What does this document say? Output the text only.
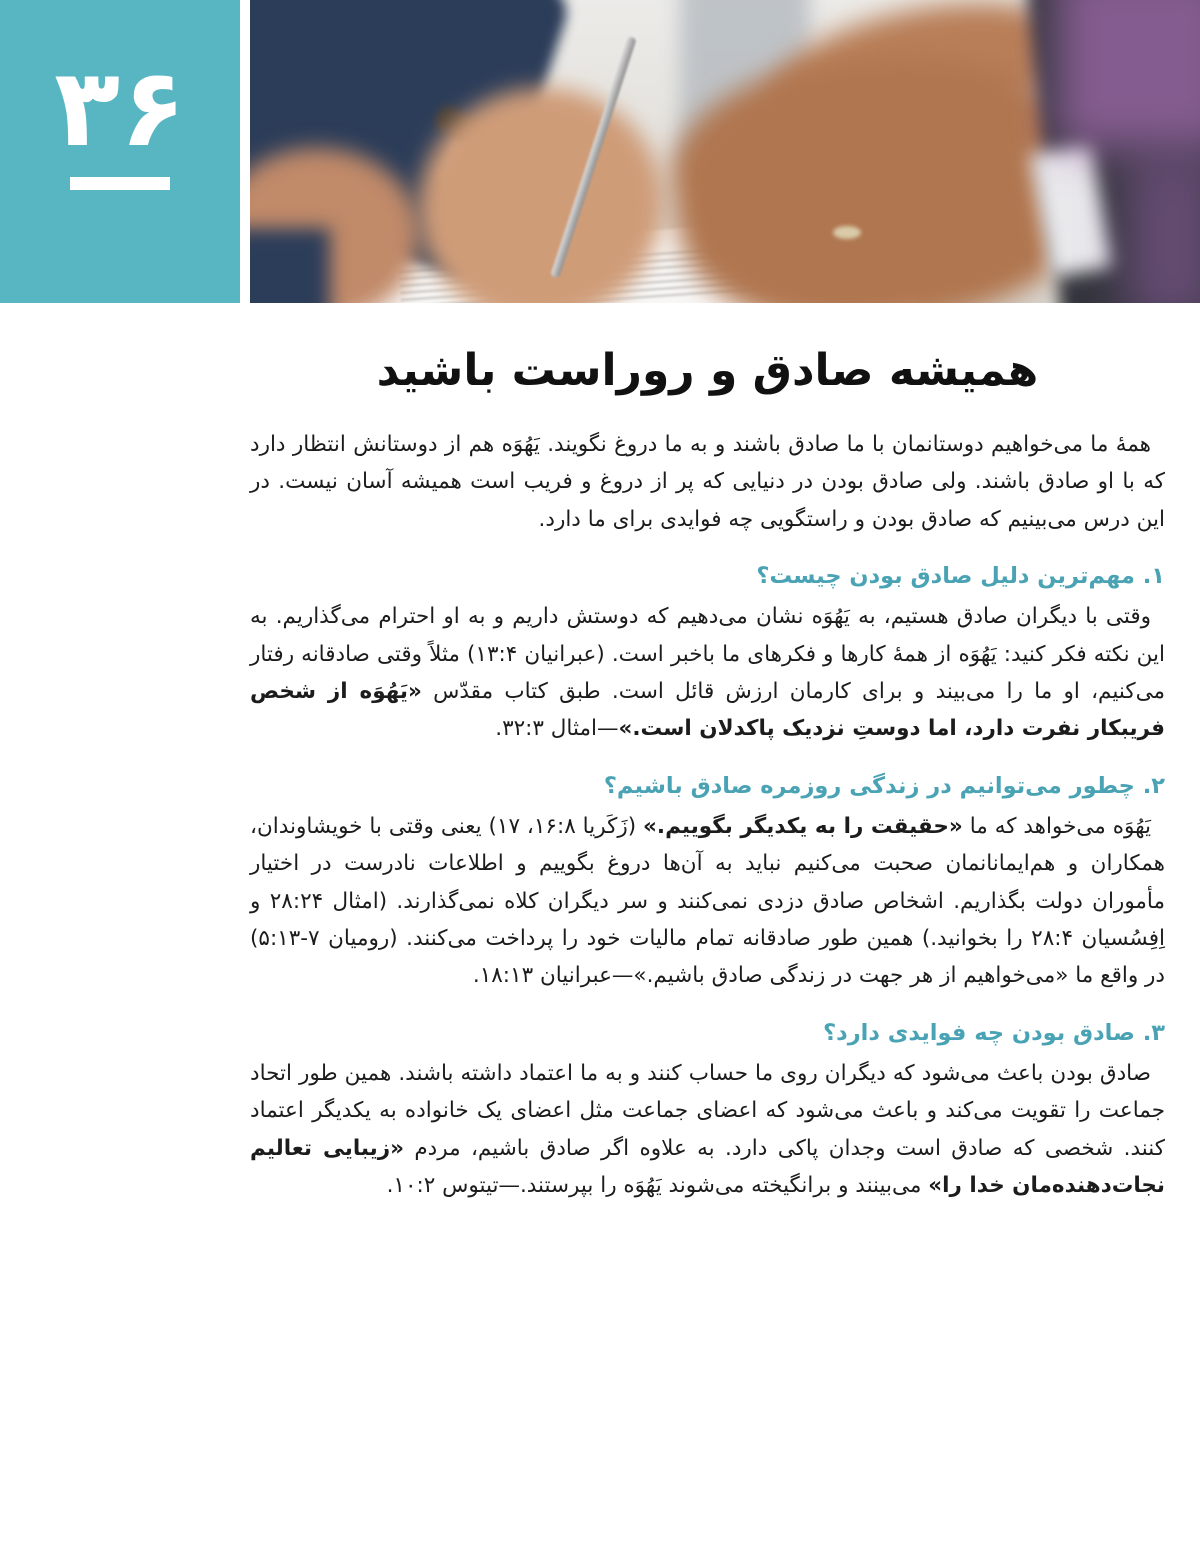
۳۶
همیشه صادق و روراست باشید

همهٔ ما می‌خواهیم دوستانمان با ما صادق باشند و به ما دروغ نگویند. یَهُوَه هم از دوستانش انتظار دارد که با او صادق باشند. ولی صادق بودن در دنیایی که پر از دروغ و فریب است همیشه آسان نیست. در این درس می‌بینیم که صادق بودن و راستگویی چه فوایدی برای ما دارد.

۱. مهم‌ترین دلیل صادق بودن چیست؟

وقتی با دیگران صادق هستیم، به یَهُوَه نشان می‌دهیم که دوستش داریم و به او احترام می‌گذاریم. به این نکته فکر کنید: یَهُوَه از همهٔ کارها و فکرهای ما باخبر است. (عبرانیان ۱۳:۴) مثلاً وقتی صادقانه رفتار می‌کنیم، او ما را می‌بیند و برای کارمان ارزش قائل است. طبق کتاب مقدّس «یَهُوَه از شخص فریبکار نفرت دارد، اما دوستِ نزدیک پاکدلان است.»—امثال ۳۲:۳.

۲. چطور می‌توانیم در زندگی روزمره صادق باشیم؟

یَهُوَه می‌خواهد که ما «حقیقت را به یکدیگر بگوییم.» (زَکَریا ۱۶:۸، ۱۷) یعنی وقتی با خویشاوندان، همکاران و هم‌ایمانانمان صحبت می‌کنیم نباید به آن‌ها دروغ بگوییم و اطلاعات نادرست در اختیار مأموران دولت بگذاریم. اشخاص صادق دزدی نمی‌کنند و سر دیگران کلاه نمی‌گذارند. (امثال ۲۸:۲۴ و اِفِسُسیان ۲۸:۴ را بخوانید.) همین طور صادقانه تمام مالیات خود را پرداخت می‌کنند. (رومیان ۷-۵:۱۳) در واقع ما «می‌خواهیم از هر جهت در زندگی صادق باشیم.»—عبرانیان ۱۸:۱۳.

۳. صادق بودن چه فوایدی دارد؟

صادق بودن باعث می‌شود که دیگران روی ما حساب کنند و به ما اعتماد داشته باشند. همین طور اتحاد جماعت را تقویت می‌کند و باعث می‌شود که اعضای جماعت مثل اعضای یک خانواده به یکدیگر اعتماد کنند. شخصی که صادق است وجدان پاکی دارد. به علاوه اگر صادق باشیم، مردم «زیبایی تعالیم نجات‌دهنده‌مان خدا را» می‌بینند و برانگیخته می‌شوند یَهُوَه را بپرستند.—تیتوس ۱۰:۲.
